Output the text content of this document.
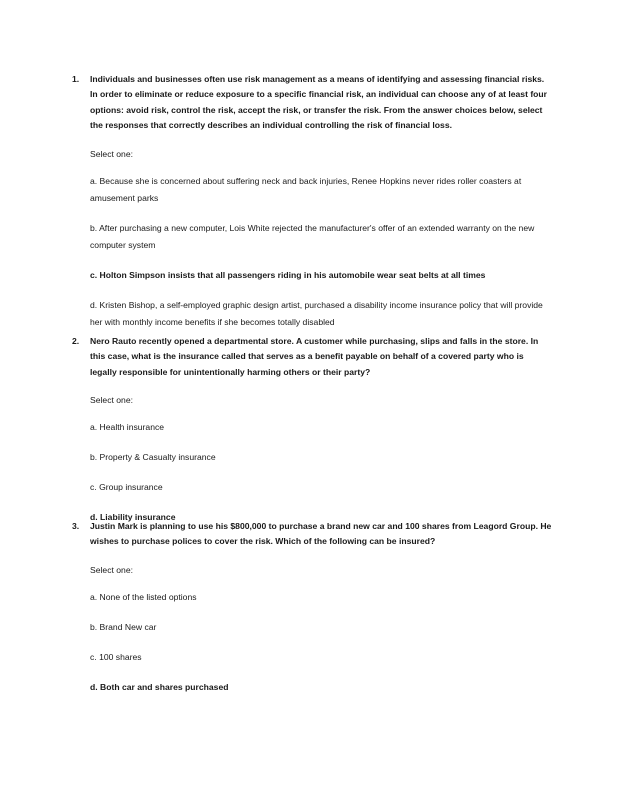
1. Individuals and businesses often use risk management as a means of identifying and assessing financial risks. In order to eliminate or reduce exposure to a specific financial risk, an individual can choose any of at least four options: avoid risk, control the risk, accept the risk, or transfer the risk. From the answer choices below, select the responses that correctly describes an individual controlling the risk of financial loss.
Select one:
a. Because she is concerned about suffering neck and back injuries, Renee Hopkins never rides roller coasters at amusement parks
b. After purchasing a new computer, Lois White rejected the manufacturer's offer of an extended warranty on the new computer system
c. Holton Simpson insists that all passengers riding in his automobile wear seat belts at all times
d. Kristen Bishop, a self-employed graphic design artist, purchased a disability income insurance policy that will provide her with monthly income benefits if she becomes totally disabled
2. Nero Rauto recently opened a departmental store. A customer while purchasing, slips and falls in the store. In this case, what is the insurance called that serves as a benefit payable on behalf of a covered party who is legally responsible for unintentionally harming others or their party?
Select one:
a. Health insurance
b. Property & Casualty insurance
c. Group insurance
d. Liability insurance
3. Justin Mark is planning to use his $800,000 to purchase a brand new car and 100 shares from Leagord Group. He wishes to purchase polices to cover the risk. Which of the following can be insured?
Select one:
a. None of the listed options
b. Brand New car
c. 100 shares
d. Both car and shares purchased
